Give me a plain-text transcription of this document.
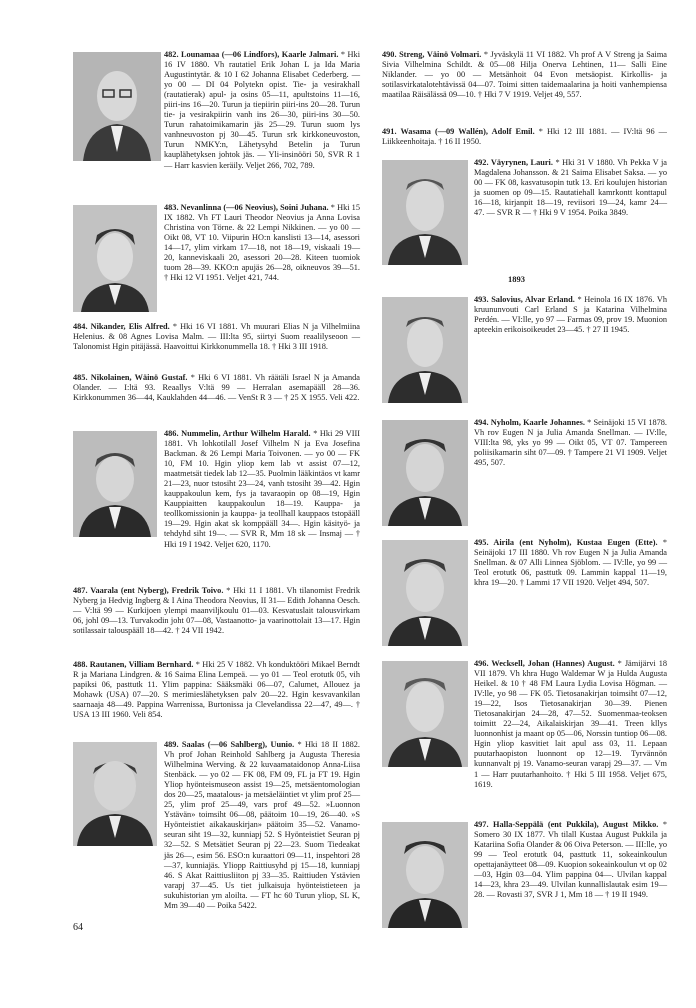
482. Lounamaa (—06 Lindfors), Kaarle Jalmari. * Hki 16 IV 1880. Vh rautatiel Erik Johan L ja Ida Maria Augustintytär. & 10 I 62 Johanna Elisabet Cederberg. — yo 00 — DI 04 Polytekn opist. Tie- ja vesirakhall (rautatierak) apul- ja osins 05—11, apultstoins 11—16, piiri-ins 16—20. Turun ja tiepiirin piiri-ins 20—28. Turun tie- ja vesirakpiirin vanh ins 26—30, piiri-ins 30—50. Turun rahatoimikamarin jäs 25—29. Turun suom lys vanhneuvoston pj 30—45. Turun srk kirkkoneuvoston, Turun NMKY:n, Lähetysyhd Betelin ja Turun kauplähetyksen johtok jäs. — Yli-insinööri 50, SVR R 1 — Harr kasvien keräily. Veljet 266, 702, 789.
483. Nevanlinna (—06 Neovius), Soini Juhana. * Hki 15 IX 1882. Vh FT Lauri Theodor Neovius ja Anna Lovisa Christina von Törne. & 22 Lempi Nikkinen. — yo 00 — Oikt 08, VT 10. Viipurin HO:n kanslisti 13—14, asessori 14—17, ylim virkam 17—18, not 18—19, viskaali 19—20, kanneviskaali 20, asessori 20—28. Kiteen tuomiok tuom 28—39. KKO:n apujäs 26—28, oikneuvos 39—51. † Hki 12 VI 1951. Veljet 421, 744.
484. Nikander, Elis Alfred. * Hki 16 VI 1881. Vh muurari Elias N ja Vilhelmiina Helenius. & 08 Agnes Lovisa Malm. — III:lta 95, siirtyi Suom reaalilyseoon — Talonomist Hgin pitäjässä. Haavoittui Kirkkonummella 18. † Hki 3 III 1918.
485. Nikolainen, Wäinö Gustaf. * Hki 6 VI 1881. Vh räätäli Israel N ja Amanda Olander. — I:ltä 93. Reaallys V:ltä 99 — Herralan asemapääll 28—36. Kirkkonummen 36—44, Kauklahden 44—46. — VenSt R 3 — † 25 X 1955. Veli 422.
486. Nummelin, Arthur Wilhelm Harald. * Hki 29 VIII 1881. Vh lohkotilall Josef Vilhelm N ja Eva Josefina Backman. & 26 Lempi Maria Toivonen. — yo 00 — FK 10, FM 10. Hgin yliop kem lab vt assist 07—12, maatmetsät tiedek lab 12—35. Puolmin lääkintäos vt kamr 21—23, nuor tstosiht 23—24, vanh tstosiht 39—42. Hgin kauppakoulun kem, fys ja tavaraopin op 08—19, Hgin Kauppiaitten kauppakoulun 18—19. Kauppa- ja teollkomissionin ja kauppa- ja teollhall kauppaos tstopääll 19—29. Hgin akat sk komppääll 34—. Hgin käsityö- ja tehdyhd siht 19—. — SVR R, Mm 18 sk — Insmaj — † Hki 19 I 1942. Veljet 620, 1170.
487. Vaarala (ent Nyberg), Fredrik Toivo. * Hki 11 I 1881. Vh tilanomist Fredrik Nyberg ja Hedvig Ingberg & I Aina Theodora Neovius, II 31— Edith Johanna Oesch. — V:ltä 99 — Kurkijoen ylempi maanviljkoulu 01—03. Kesvatuslait talousvirkam 06, johl 09—13. Turvakodin joht 07—08, Vastaanotto- ja vaarinottolait 13—17. Hgin sotilassair talouspääll 18—42. † 24 VII 1942.
488. Rautanen, Villiam Bernhard. * Hki 25 V 1882. Vh konduktööri Mikael Berndt R ja Mariana Lindgren. & 16 Saima Elina Lempeä. — yo 01 — Teol erotutk 05, vih papiksi 06, pasttutk 11. Ylim pappina: Sääksmäki 06—07, Calumet, Allouez ja Mohawk (USA) 07—20. S merimieslähetyksen palv 20—22. Hgin kesvavankilan saarnaaja 48—49. Pappina Warrenissa, Burtonissa ja Clevelandissa 22—47, 49—. † USA 13 III 1960. Veli 854.
489. Saalas (—06 Sahlberg), Uunio. * Hki 18 II 1882. Vh prof Johan Reinhold Sahlberg ja Augusta Theresia Wilhelmina Werving. & 22 kuvaamataidonop Anna-Liisa Stenbäck. — yo 02 — FK 08, FM 09, FL ja FT 19. Hgin Yliop hyönteismuseon assist 19—25, metsäentomologian dos 20—25, maatalous- ja metsäeläintiet vt ylim prof 25—25, ylim prof 25—49, vars prof 49—52. »Luonnon Ystävän» toimsiht 06—08, päätoim 10—19, 26—40. »S Hyönteistiet aikakauskirjan» päätoim 35—52. Vanamo-seuran siht 19—32, kunniapj 52. S Hyönteistiet Seuran pj 32—52. S Metsätiet Seuran pj 22—23. Suom Tiedeakat jäs 26—, esim 56. ESO:n kuraattori 09—11, inspehtori 28—37, kunniajäs. Yliopp Raittiusyhd pj 15—18, kunniapj 46. S Akat Raittiusliiton pj 33—35. Raittiuden Ystävien varapj 37—45. Us tiet julkaisuja hyönteistieteen ja sukuhistorian ym aloilta. — FT hc 60 Turun yliop, SL K, Mm 39—40 — Poika 5422.
490. Streng, Väinö Volmari. * Jyväskylä 11 VI 1882. Vh prof A V Streng ja Saima Sivia Vilhelmina Schildt. & 05—08 Hilja Onerva Lehtinen, 11— Salli Eine Niklander. — yo 00 — Metsänhoit 04 Evon metsäopist. Kirkollis- ja sotilasvirkatalotehtävissä 04—07. Toimi sitten taidemaalarina ja hoiti vanhempiensa maatilaa Räisälässä 09—10. † Hki 7 V 1919. Veljet 49, 557.
491. Wasama (—09 Wallén), Adolf Emil. * Hki 12 III 1881. — IV:ltä 96 — Liikkeenhoitaja. † 16 II 1950.
492. Väyrynen, Lauri. * Hki 31 V 1880. Vh Pekka V ja Magdalena Johansson. & 21 Saima Elisabet Saksa. — yo 00 — FK 08, kasvatusopin tutk 13. Eri koulujen historian ja suomen op 09—15. Rautatiehall kamrkontt konttapul 16—18, kirjanpit 18—19, reviisori 19—24, kamr 24—47. — SVR R — † Hki 9 V 1954. Poika 3849.
1893
493. Salovius, Alvar Erland. * Heinola 16 IX 1876. Vh kruununvouti Carl Erland S ja Katarina Vilhelmina Perdén. — VI:lle, yo 97 — Farmas 09, prov 19. Muonion apteekin erikoisoikeudet 23—45. † 27 II 1945.
494. Nyholm, Kaarle Johannes. * Seinäjoki 15 VI 1878. Vh rov Eugen N ja Julia Amanda Snellman. — IV:lle, VIII:lta 98, yks yo 99 — Oikt 05, VT 07. Tampereen poliisikamarin siht 07—09. † Tampere 21 VI 1909. Veljet 495, 507.
495. Airila (ent Nyholm), Kustaa Eugen (Ette). * Seinäjoki 17 III 1880. Vh rov Eugen N ja Julia Amanda Snellman. & 07 Alli Linnea Sjöblom. — IV:lle, yo 99 — Teol erotutk 06, pasttutk 09. Lammin kappal 11—19, khra 19—20. † Lammi 17 VII 1920. Veljet 494, 507.
496. Wecksell, Johan (Hannes) August. * Jämijärvi 18 VII 1879. Vh khra Hugo Waldemar W ja Hulda Augusta Heikel. & 10 † 48 FM Laura Lydia Lovisa Högman. — IV:lle, yo 98 — FK 05. Tietosanakirjan toimsiht 07—12, 19—22, Isos Tietosanakirjan 30—39. Pienen Tietosanakirjan 24—28, 47—52. Suomenmaa-teoksen toimitt 22—24, Aikalaiskirjan 39—41. Treen kllys luonnonhist ja maant op 05—06, Norssin tuntiop 06—08. Hgin yliop kasvitiet lait apul ass 03, 11. Lepaan puutarhaopiston luonnont op 12—19. Tyrvännön kunnanvalt pj 19. Vanamo-seuran varapj 29—37. — Vm 1 — Harr puutarhanhoito. † Hki 5 III 1958. Veljet 675, 1619.
497. Halla-Seppälä (ent Pukkila), August Mikko. * Somero 30 IX 1877. Vh tilall Kustaa August Pukkila ja Katariina Sofia Olander & 06 Oiva Peterson. — III:lle, yo 99 — Teol erotutk 04, pasttutk 11, sokeainkoulun opettajanäytteet 08—09. Kuopion sokeainkoulun vt op 02—03, Hgin 03—04. Ylim pappina 04—. Ulvilan kappal 14—23, khra 23—49. Ulvilan kunnallislautak esim 19—28. — Rovasti 37, SVR J 1, Mm 18 — † 19 II 1949.
64
